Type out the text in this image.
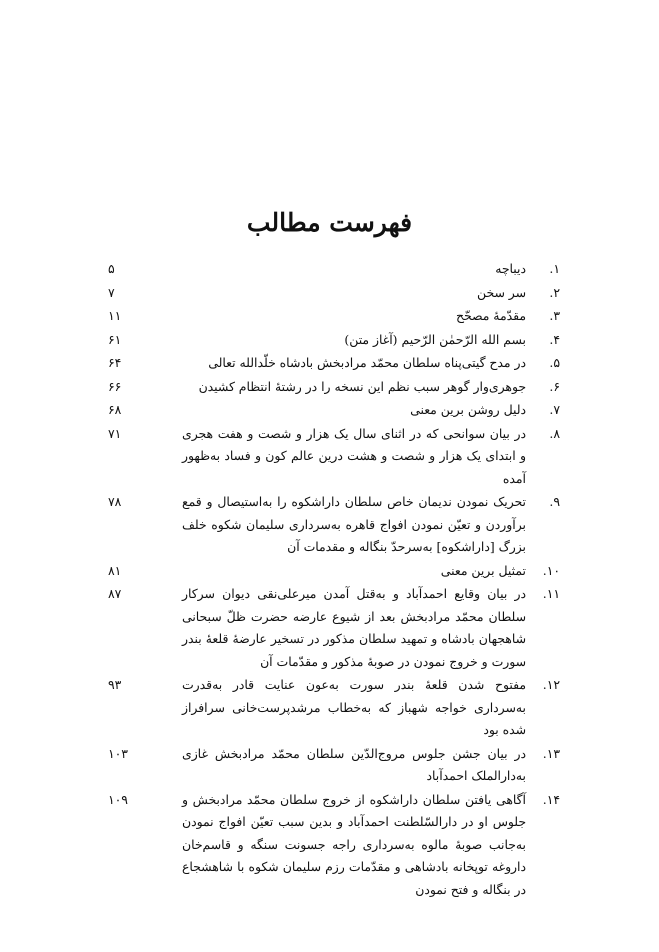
فهرست مطالب
۱.
دیباچه
۵
۲.
سر سخن
۷
۳.
مقدّمهٔ مصحّح
۱۱
۴.
بسم الله الرّحمٰن الرّحیم (آغاز متن)
۶۱
۵.
در مدح گیتی‌پناه سلطان محمّد مرادبخش بادشاه خلّدالله تعالی
۶۴
۶.
جوهری‌وار گوهر سبب نظم این نسخه را در رشتهٔ انتظام کشیدن
۶۶
۷.
دلیل روشن برین معنی
۶۸
۸.
در بیان سوانحی که در اثنای سال یک هزار و شصت و هفت هجری و ابتدای یک هزار و شصت و هشت درین عالم کون و فساد به‌ظهور آمده
۷۱
۹.
تحریک نمودن ندیمان خاص سلطان داراشکوه را به‌استیصال و قمع برآوردن و تعیّن نمودن افواج قاهره به‌سرداری سلیمان شکوه خلف بزرگ [داراشکوه] به‌سرحدّ بنگاله و مقدمات آن
۷۸
۱۰.
تمثیل برین معنی
۸۱
۱۱.
در بیان وقایع احمدآباد و به‌قتل آمدن میرعلی‌نقی دیوان سرکار سلطان محمّد مرادبخش بعد از شیوع عارضه حضرت ظلّ سبحانی شاهجهان بادشاه و تمهید سلطان مذکور در تسخیر عارضهٔ قلعهٔ بندر سورت و خروج نمودن در صوبهٔ مذکور و مقدّمات آن
۸۷
۱۲.
مفتوح شدن قلعهٔ بندر سورت به‌عون عنایت قادر به‌قدرت به‌سرداری خواجه شهباز که به‌خطاب مرشدپرست‌خانی سرافراز شده بود
۹۳
۱۳.
در بیان جشن جلوس مروج‌الدّین سلطان محمّد مرادبخش غازی به‌دارالملک احمدآباد
۱۰۳
۱۴.
آگاهی یافتن سلطان داراشکوه از خروج سلطان محمّد مرادبخش و جلوس او در دارالسّلطنت احمدآباد و بدین سبب تعیّن افواج نمودن به‌جانب صوبهٔ مالوه به‌سرداری راجه جسونت سنگه و قاسم‌خان داروغه توپخانه بادشاهی و مقدّمات رزم سلیمان شکوه با شاهشجاع در بنگاله و فتح نمودن
۱۰۹
